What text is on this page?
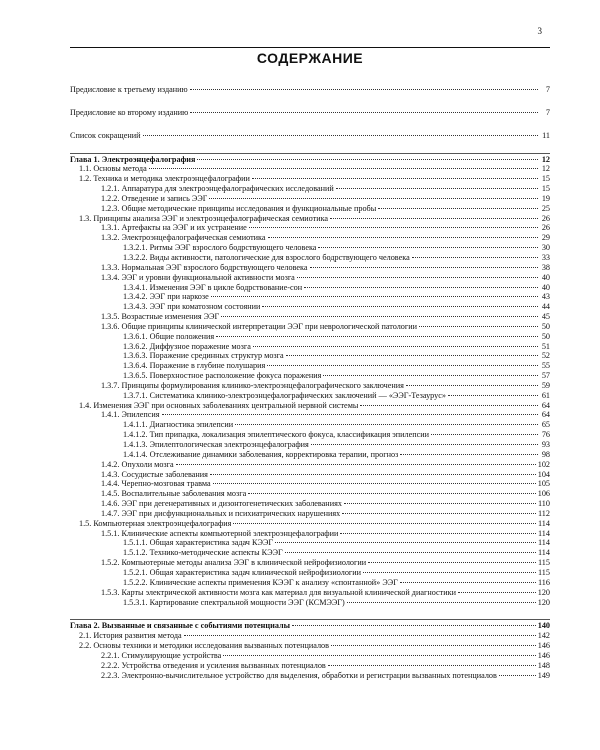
3
СОДЕРЖАНИЕ
Предисловие к третьему изданию	7
Предисловие ко второму изданию	7
Список сокращений	11
Глава 1. Электроэнцефалография	12
1.1. Основы метода	12
1.2. Техника и методика электроэнцефалографии	15
1.2.1. Аппаратура для электроэнцефалографических исследований	15
1.2.2. Отведение и запись ЭЭГ	19
1.2.3. Общие методические принципы исследования и функциональные пробы	25
1.3. Принципы анализа ЭЭГ и электроэнцефалографическая семиотика	26
1.3.1. Артефакты на ЭЭГ и их устранение	26
1.3.2. Электроэнцефалографическая семиотика	29
1.3.2.1. Ритмы ЭЭГ взрослого бодрствующего человека	30
1.3.2.2. Виды активности, патологические для взрослого бодрствующего человека	33
1.3.3. Нормальная ЭЭГ взрослого бодрствующего человека	38
1.3.4. ЭЭГ и уровни функциональной активности мозга	40
1.3.4.1. Изменения ЭЭГ в цикле бодрствование-сон	40
1.3.4.2. ЭЭГ при наркозе	43
1.3.4.3. ЭЭГ при коматозном состоянии	44
1.3.5. Возрастные изменения ЭЭГ	45
1.3.6. Общие принципы клинической интерпретации ЭЭГ при неврологической патологии	50
1.3.6.1. Общие положения	50
1.3.6.2. Диффузное поражение мозга	51
1.3.6.3. Поражение срединных структур мозга	52
1.3.6.4. Поражение в глубине полушария	55
1.3.6.5. Поверхностное расположение фокуса поражения	57
1.3.7. Принципы формулирования клинико-электроэнцефалографического заключения	59
1.3.7.1. Систематика клинико-электроэнцефалографических заключений — «ЭЭГ-Тезаурус»	61
1.4. Изменения ЭЭГ при основных заболеваниях центральной нервной системы	64
1.4.1. Эпилепсия	64
1.4.1.1. Диагностика эпилепсии	65
1.4.1.2. Тип припадка, локализация эпилептического фокуса, классификация эпилепсии	76
1.4.1.3. Эпилептологическая электроэнцефалография	93
1.4.1.4. Отслеживание динамики заболевания, корректировка терапии, прогноз	98
1.4.2. Опухоли мозга	102
1.4.3. Сосудистые заболевания	104
1.4.4. Черепно-мозговая травма	105
1.4.5. Воспалительные заболевания мозга	106
1.4.6. ЭЭГ при дегенеративных и дизонтогенетических заболеваниях	110
1.4.7. ЭЭГ при дисфункциональных и психиатрических нарушениях	112
1.5. Компьютерная электроэнцефалография	114
1.5.1. Клинические аспекты компьютерной электроэнцефалографии	114
1.5.1.1. Общая характеристика задач КЭЭГ	114
1.5.1.2. Технико-методические аспекты КЭЭГ	114
1.5.2. Компьютерные методы анализа ЭЭГ в клинической нейрофизиологии	115
1.5.2.1. Общая характеристика задач клинической нейрофизиологии	115
1.5.2.2. Клинические аспекты применения КЭЭГ к анализу «спонтанной» ЭЭГ	116
1.5.3. Карты электрической активности мозга как материал для визуальной клинической диагностики	120
1.5.3.1. Картирование спектральной мощности ЭЭГ (КСМЭЭГ)	120
Глава 2. Вызванные и связанные с событиями потенциалы	140
2.1. История развития метода	142
2.2. Основы техники и методики исследования вызванных потенциалов	146
2.2.1. Стимулирующие устройства	146
2.2.2. Устройства отведения и усиления вызванных потенциалов	148
2.2.3. Электронно-вычислительное устройство для выделения, обработки и регистрации вызванных потенциалов	149
